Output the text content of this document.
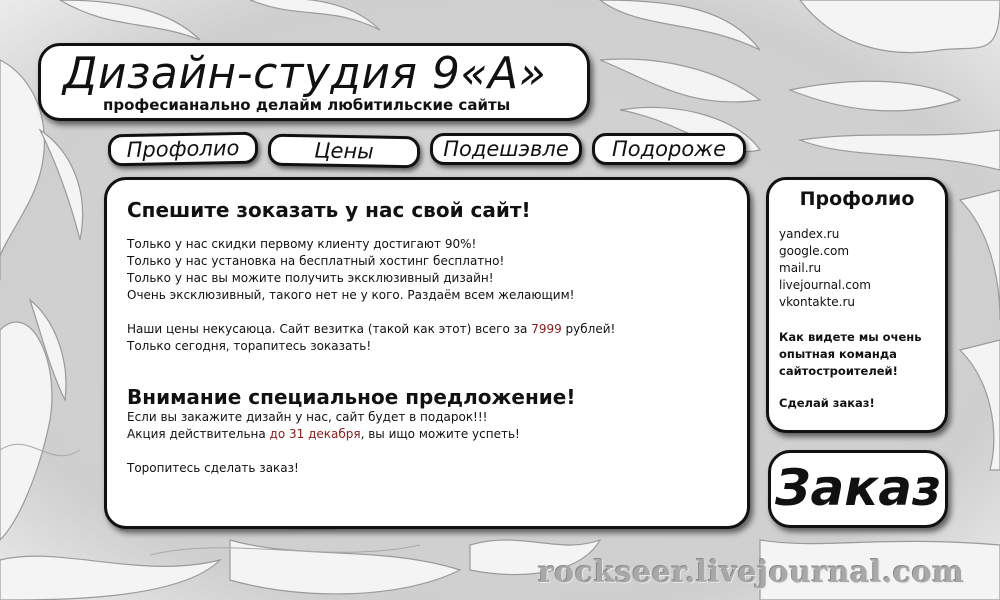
Дизайн-студия 9«А»
професианально делайм любитильские сайты
Профолио	Цены	Подешэвле	Подороже
Спешите зоказать у нас свой сайт!

Только у нас скидки первому клиенту достигают 90%!

Только у нас установка на бесплатный хостинг бесплатно!

Только у нас вы можите получить эксклюзивный дизайн!

Очень эксклюзивный, такого нет не у кого. Раздаём всем желающим!

Наши цены некусаюца. Сайт везитка (такой как этот) всего за 7999 рублей!

Только сегодня, торапитесь зоказать!

Внимание специальное предложение!

Если вы закажите дизайн у нас, сайт будет в подарок!!!

Акция действительна до 31 декабря, вы ищо можите успеть!

Торопитесь сделать заказ!

Профолио
yandex.ru
google.com
mail.ru
livejournal.com
vkontakte.ru

Как видете мы очень опытная команда сайтостроителей!

Сделай заказ!

Заказ
rockseer.livejournal.com
